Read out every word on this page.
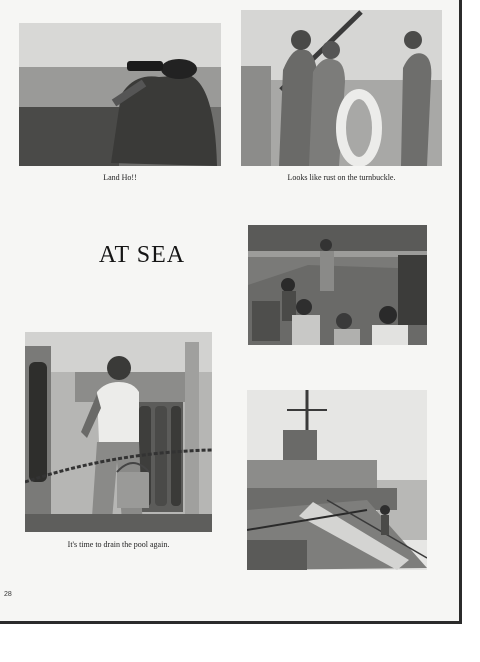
Land Ho!!	Looks like rust on the turnbuckle.
AT SEA
It's time to drain the pool again.
28
